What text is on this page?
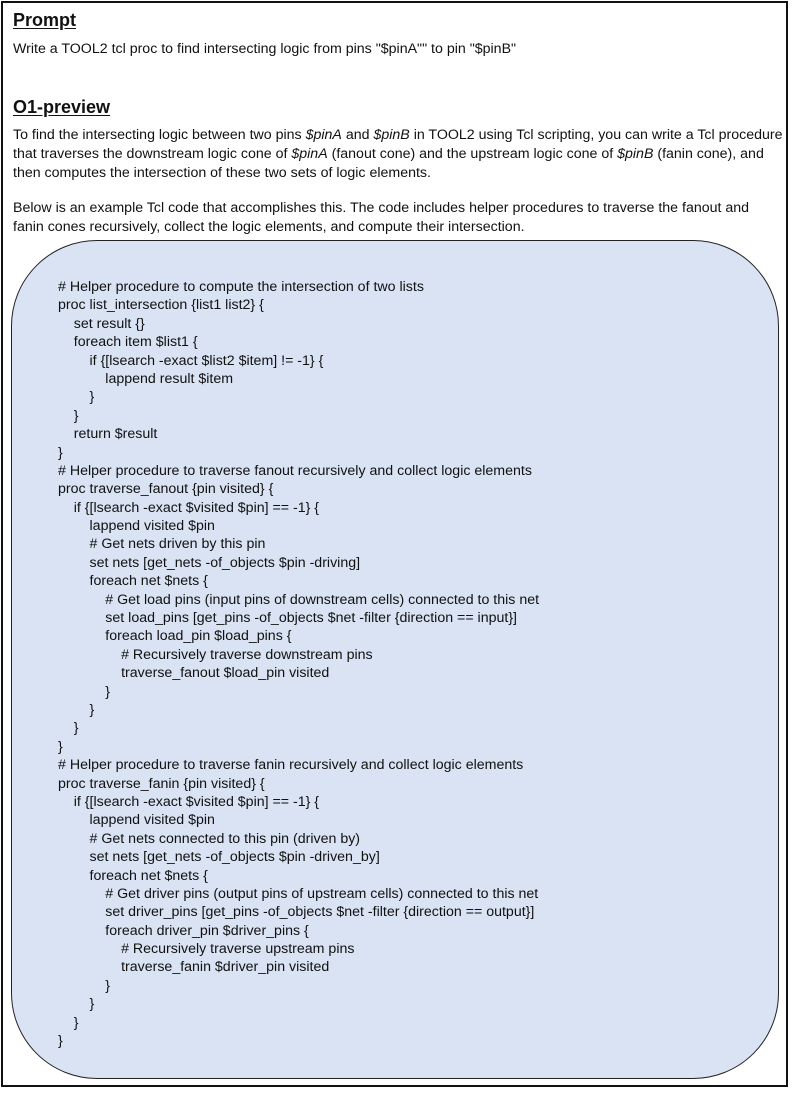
Prompt

Write a TOOL2 tcl proc to find intersecting logic from pins "$pinA"" to pin "$pinB"

O1-preview

To find the intersecting logic between two pins $pinA and $pinB in TOOL2 using Tcl scripting, you can write a Tcl procedure that traverses the downstream logic cone of $pinA (fanout cone) and the upstream logic cone of $pinB (fanin cone), and then computes the intersection of these two sets of logic elements.

Below is an example Tcl code that accomplishes this. The code includes helper procedures to traverse the fanout and fanin cones recursively, collect the logic elements, and compute their intersection.

# Helper procedure to compute the intersection of two lists
proc list_intersection {list1 list2} {
set result {}
foreach item $list1 {
if {[lsearch -exact $list2 $item] != -1} {
lappend result $item
}
}
return $result
}
# Helper procedure to traverse fanout recursively and collect logic elements
proc traverse_fanout {pin visited} {
if {[lsearch -exact $visited $pin] == -1} {
lappend visited $pin
# Get nets driven by this pin
set nets [get_nets -of_objects $pin -driving]
foreach net $nets {
# Get load pins (input pins of downstream cells) connected to this net
set load_pins [get_pins -of_objects $net -filter {direction == input}]
foreach load_pin $load_pins {
# Recursively traverse downstream pins
traverse_fanout $load_pin visited
}
}
}
}
# Helper procedure to traverse fanin recursively and collect logic elements
proc traverse_fanin {pin visited} {
if {[lsearch -exact $visited $pin] == -1} {
lappend visited $pin
# Get nets connected to this pin (driven by)
set nets [get_nets -of_objects $pin -driven_by]
foreach net $nets {
# Get driver pins (output pins of upstream cells) connected to this net
set driver_pins [get_pins -of_objects $net -filter {direction == output}]
foreach driver_pin $driver_pins {
# Recursively traverse upstream pins
traverse_fanin $driver_pin visited
}
}
}
}
